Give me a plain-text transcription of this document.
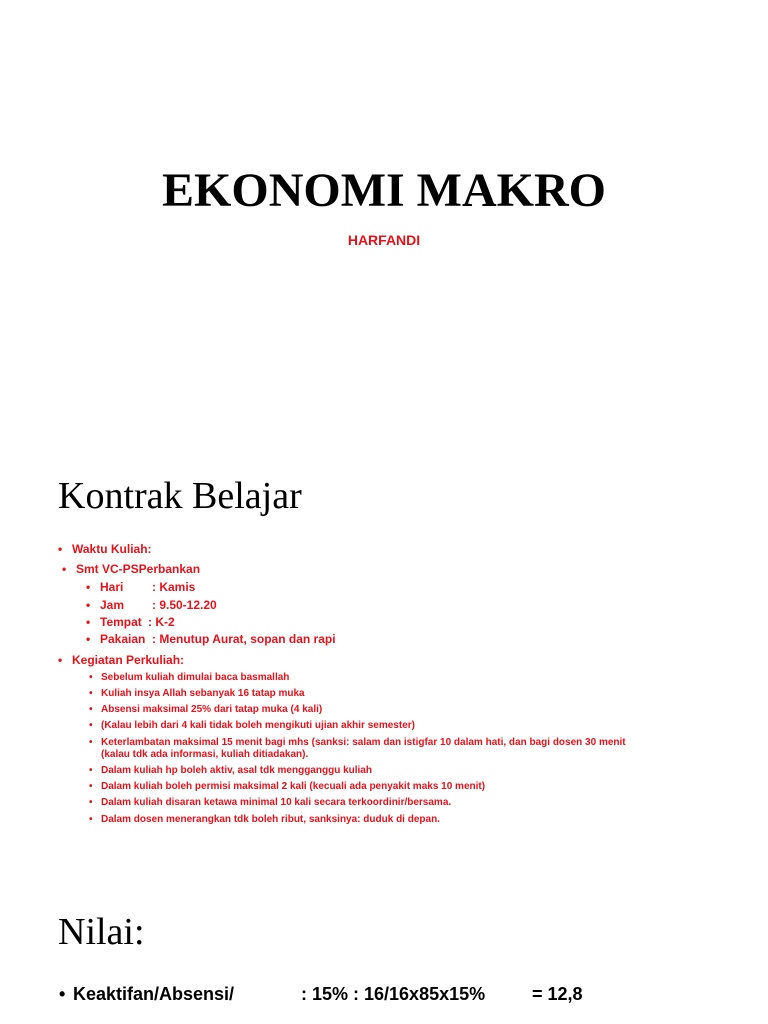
EKONOMI MAKRO
HARFANDI
Kontrak Belajar
• Waktu Kuliah:
• Smt VC-PSPerbankan
• Hari : Kamis
• Jam : 9.50-12.20
• Tempat : K-2
• Pakaian : Menutup Aurat, sopan dan rapi
• Kegiatan Perkuliah:
• Sebelum kuliah dimulai baca basmallah
• Kuliah insya Allah sebanyak 16 tatap muka
• Absensi maksimal 25% dari tatap muka (4 kali)
• (Kalau lebih dari 4 kali tidak boleh mengikuti ujian akhir semester)
• Keterlambatan maksimal 15 menit bagi mhs (sanksi: salam dan istigfar 10 dalam hati, dan bagi dosen 30 menit
(kalau tdk ada informasi, kuliah ditiadakan).
• Dalam kuliah hp boleh aktiv, asal tdk mengganggu kuliah
• Dalam kuliah boleh permisi maksimal 2 kali (kecuali ada penyakit maks 10 menit)
• Dalam kuliah disaran ketawa minimal 10 kali secara terkoordinir/bersama.
• Dalam dosen menerangkan tdk boleh ribut, sanksinya: duduk di depan.
Nilai:
• Keaktifan/Absensi/	: 15% : 16/16x85x15%	= 12,8
